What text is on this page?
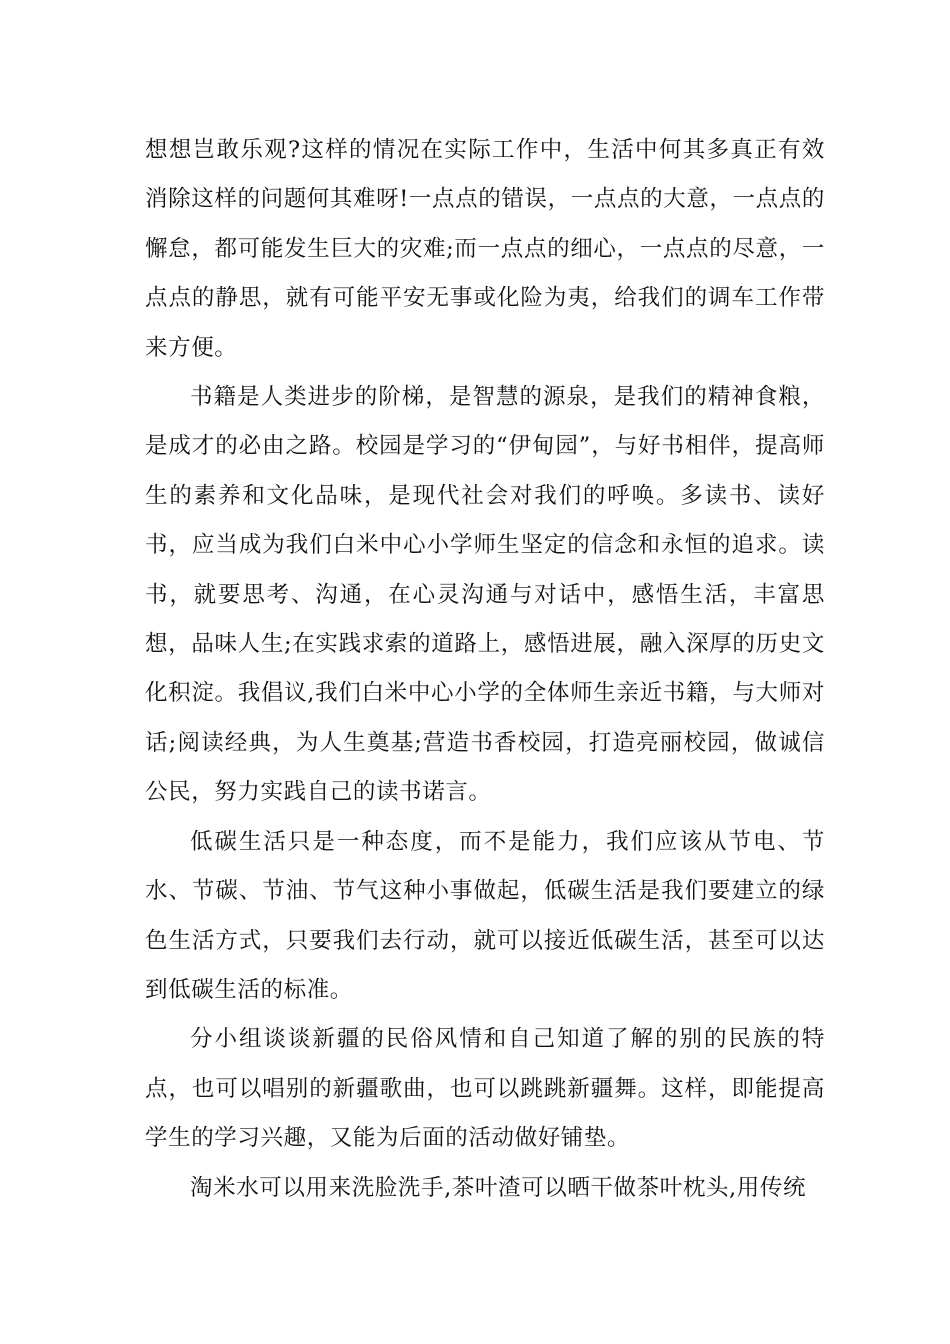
想想岂敢乐观?这样的情况在实际工作中，生活中何其多真正有效消除这样的问题何其难呀!一点点的错误，一点点的大意，一点点的懈怠，都可能发生巨大的灾难;而一点点的细心，一点点的尽意，一点点的静思，就有可能平安无事或化险为夷，给我们的调车工作带来方便。

书籍是人类进步的阶梯，是智慧的源泉，是我们的精神食粮，是成才的必由之路。校园是学习的“伊甸园”，与好书相伴，提高师生的素养和文化品味，是现代社会对我们的呼唤。多读书、读好书，应当成为我们白米中心小学师生坚定的信念和永恒的追求。读书，就要思考、沟通，在心灵沟通与对话中，感悟生活，丰富思想，品味人生;在实践求索的道路上，感悟进展，融入深厚的历史文化积淀。我倡议,我们白米中心小学的全体师生亲近书籍，与大师对话;阅读经典，为人生奠基;营造书香校园，打造亮丽校园，做诚信公民，努力实践自己的读书诺言。

低碳生活只是一种态度，而不是能力，我们应该从节电、节水、节碳、节油、节气这种小事做起，低碳生活是我们要建立的绿色生活方式，只要我们去行动，就可以接近低碳生活，甚至可以达到低碳生活的标准。

分小组谈谈新疆的民俗风情和自己知道了解的别的民族的特点，也可以唱别的新疆歌曲，也可以跳跳新疆舞。这样，即能提高学生的学习兴趣，又能为后面的活动做好铺垫。

淘米水可以用来洗脸洗手,茶叶渣可以晒干做茶叶枕头,用传统
